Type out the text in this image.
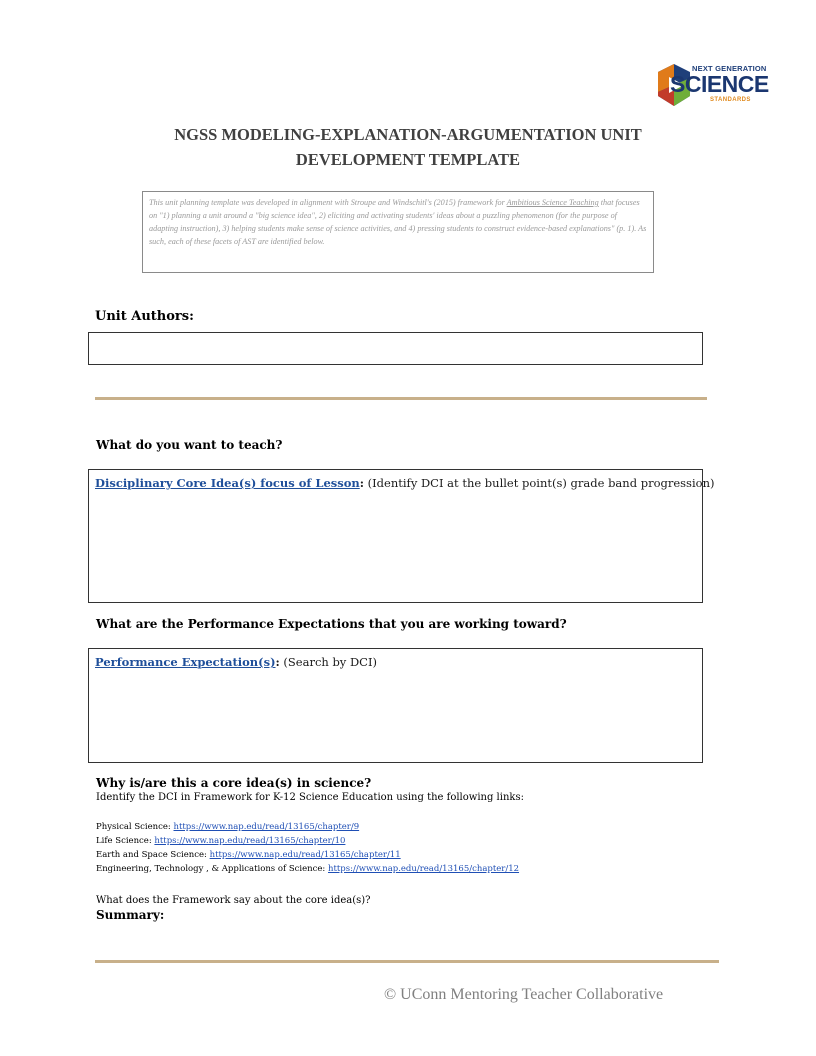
NEXT GENERATION
SCIENCE
STANDARDS
NGSS MODELING-EXPLANATION-ARGUMENTATION UNIT
DEVELOPMENT TEMPLATE
This unit planning template was developed in alignment with Stroupe and Windschitl's (2015) framework for Ambitious Science Teaching that focuses on "1) planning a unit around a "big science idea", 2) eliciting and activating students' ideas about a puzzling phenomenon (for the purpose of adapting instruction), 3) helping students make sense of science activities, and 4) pressing students to construct evidence-based explanations" (p. 1). As such, each of these facets of AST are identified below.
Unit Authors:
What do you want to teach?
Disciplinary Core Idea(s) focus of Lesson: (Identify DCI at the bullet point(s) grade band progression)
What are the Performance Expectations that you are working toward?
Performance Expectation(s): (Search by DCI)
Why is/are this a core idea(s) in science?
Identify the DCI in Framework for K-12 Science Education using the following links:
Physical Science: https://www.nap.edu/read/13165/chapter/9
Life Science: https://www.nap.edu/read/13165/chapter/10
Earth and Space Science: https://www.nap.edu/read/13165/chapter/11
Engineering, Technology , & Applications of Science: https://www.nap.edu/read/13165/chapter/12
What does the Framework say about the core idea(s)?
Summary:
© UConn Mentoring Teacher Collaborative
